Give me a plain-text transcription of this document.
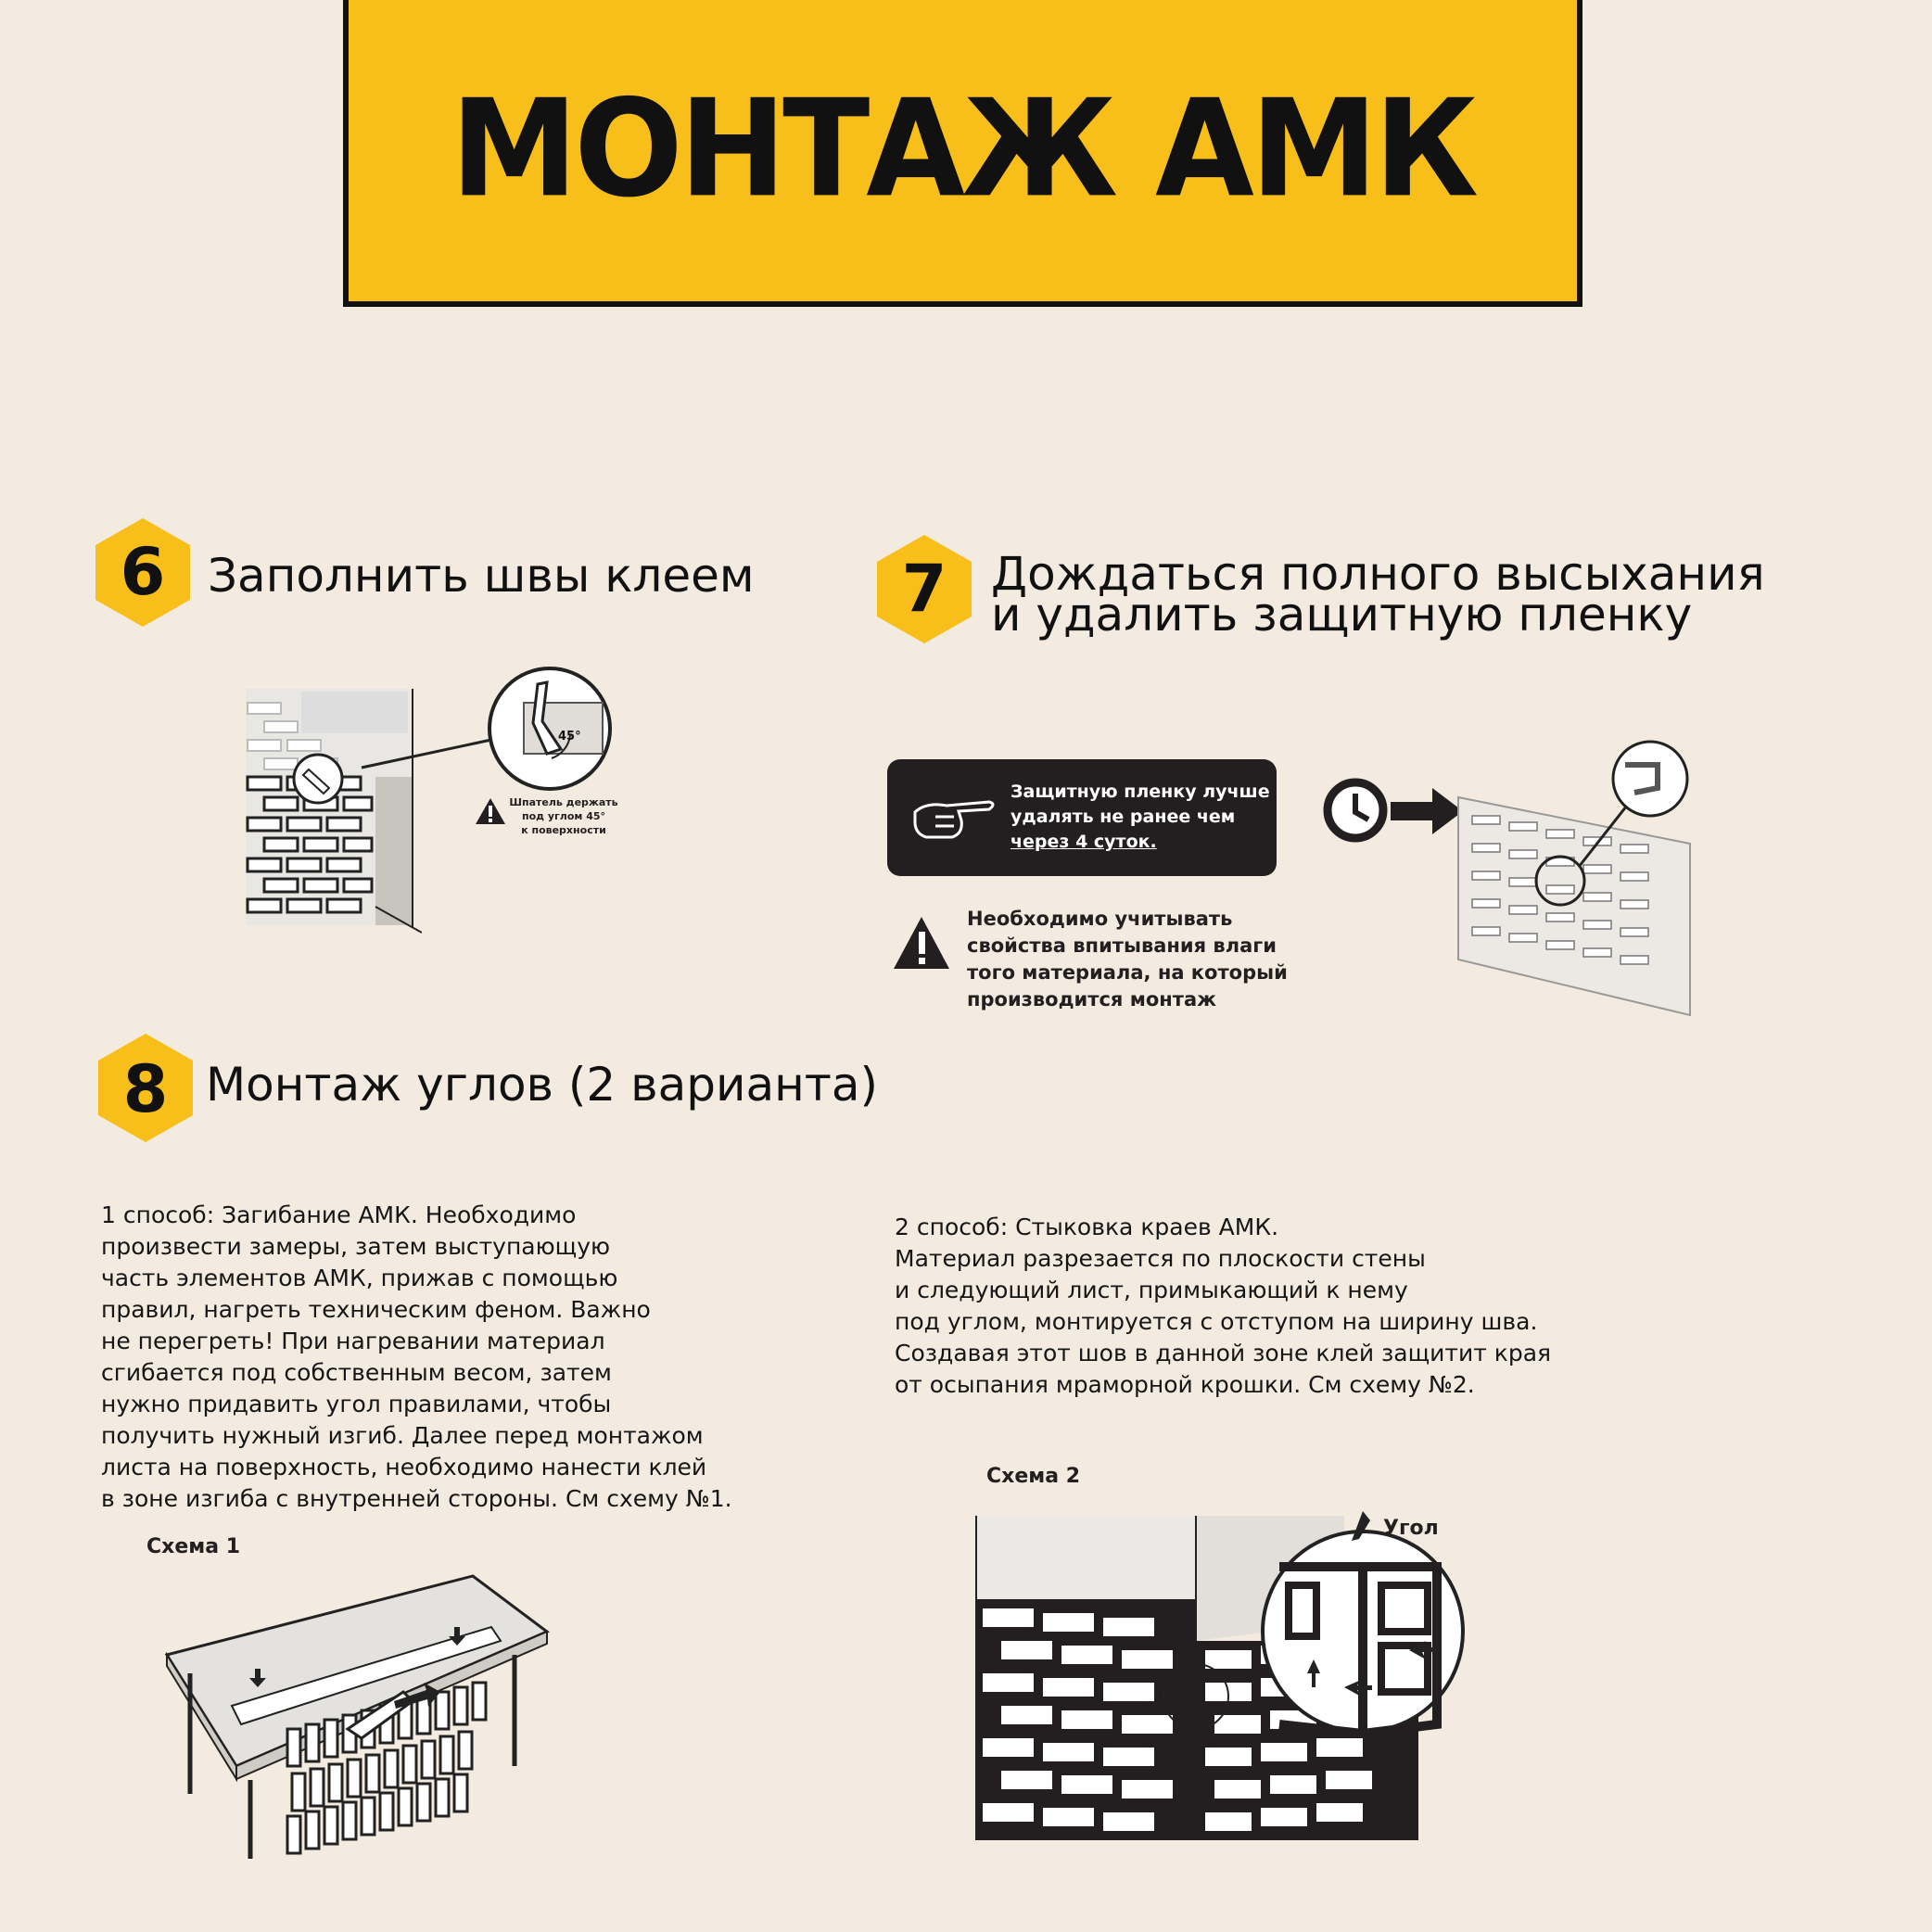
МОНТАЖ АМК
6 Заполнить швы клеем
45°
Шпатель держать
под углом 45°
к поверхности
7 Дождаться полного высыхания
и удалить защитную пленку
Защитную пленку лучше
удалять не ранее чем
через 4 суток.
Необходимо учитывать
свойства впитывания влаги
того материала, на который
производится монтаж
8 Монтаж углов (2 варианта)
1 способ: Загибание АМК. Необходимо
произвести замеры, затем выступающую
часть элементов АМК, прижав с помощью
правил, нагреть техническим феном. Важно
не перегреть! При нагревании материал
сгибается под собственным весом, затем
нужно придавить угол правилами, чтобы
получить нужный изгиб. Далее перед монтажом
листа на поверхность, необходимо нанести клей
в зоне изгиба с внутренней стороны. См схему №1.
2 способ: Стыковка краев АМК.
Материал разрезается по плоскости стены
и следующий лист, примыкающий к нему
под углом, монтируется с отступом на ширину шва.
Создавая этот шов в данной зоне клей защитит края
от осыпания мраморной крошки. См схему №2.
Схема 1
Схема 2
Угол
